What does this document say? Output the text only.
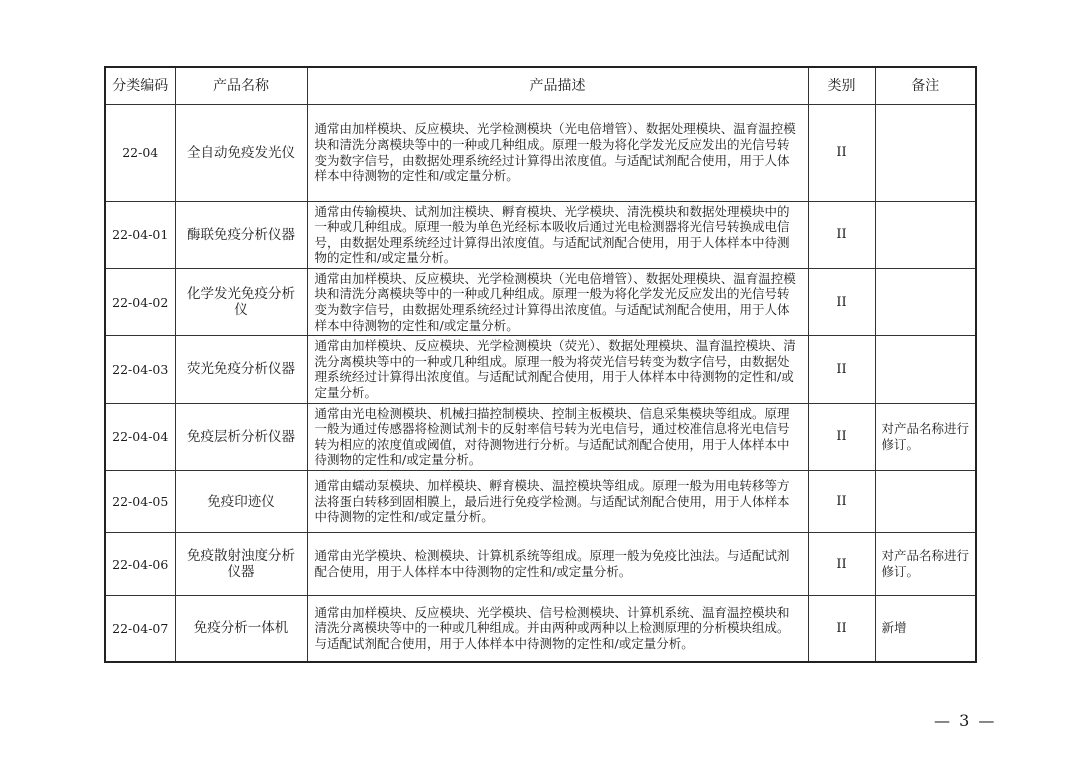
分类编码	产品名称	产品描述	类别	备注
22-04	全自动免疫发光仪	通常由加样模块、反应模块、光学检测模块（光电倍增管）、数据处理模块、温育温控模块和清洗分离模块等中的一种或几种组成。原理一般为将化学发光反应发出的光信号转变为数字信号，由数据处理系统经过计算得出浓度值。与适配试剂配合使用，用于人体样本中待测物的定性和/或定量分析。	II	
22-04-01	酶联免疫分析仪器	通常由传输模块、试剂加注模块、孵育模块、光学模块、清洗模块和数据处理模块中的一种或几种组成。原理一般为单色光经标本吸收后通过光电检测器将光信号转换成电信号，由数据处理系统经过计算得出浓度值。与适配试剂配合使用，用于人体样本中待测物的定性和/或定量分析。	II	
22-04-02	化学发光免疫分析仪	通常由加样模块、反应模块、光学检测模块（光电倍增管）、数据处理模块、温育温控模块和清洗分离模块等中的一种或几种组成。原理一般为将化学发光反应发出的光信号转变为数字信号，由数据处理系统经过计算得出浓度值。与适配试剂配合使用，用于人体样本中待测物的定性和/或定量分析。	II	
22-04-03	荧光免疫分析仪器	通常由加样模块、反应模块、光学检测模块（荧光）、数据处理模块、温育温控模块、清洗分离模块等中的一种或几种组成。原理一般为将荧光信号转变为数字信号，由数据处理系统经过计算得出浓度值。与适配试剂配合使用，用于人体样本中待测物的定性和/或定量分析。	II	
22-04-04	免疫层析分析仪器	通常由光电检测模块、机械扫描控制模块、控制主板模块、信息采集模块等组成。原理一般为通过传感器将检测试剂卡的反射率信号转为光电信号，通过校准信息将光电信号转为相应的浓度值或阈值，对待测物进行分析。与适配试剂配合使用，用于人体样本中待测物的定性和/或定量分析。	II	对产品名称进行修订。
22-04-05	免疫印迹仪	通常由蠕动泵模块、加样模块、孵育模块、温控模块等组成。原理一般为用电转移等方法将蛋白转移到固相膜上，最后进行免疫学检测。与适配试剂配合使用，用于人体样本中待测物的定性和/或定量分析。	II	
22-04-06	免疫散射浊度分析仪器	通常由光学模块、检测模块、计算机系统等组成。原理一般为免疫比浊法。与适配试剂配合使用，用于人体样本中待测物的定性和/或定量分析。	II	对产品名称进行修订。
22-04-07	免疫分析一体机	通常由加样模块、反应模块、光学模块、信号检测模块、计算机系统、温育温控模块和清洗分离模块等中的一种或几种组成。并由两种或两种以上检测原理的分析模块组成。与适配试剂配合使用，用于人体样本中待测物的定性和/或定量分析。	II	新增
— 3 —
